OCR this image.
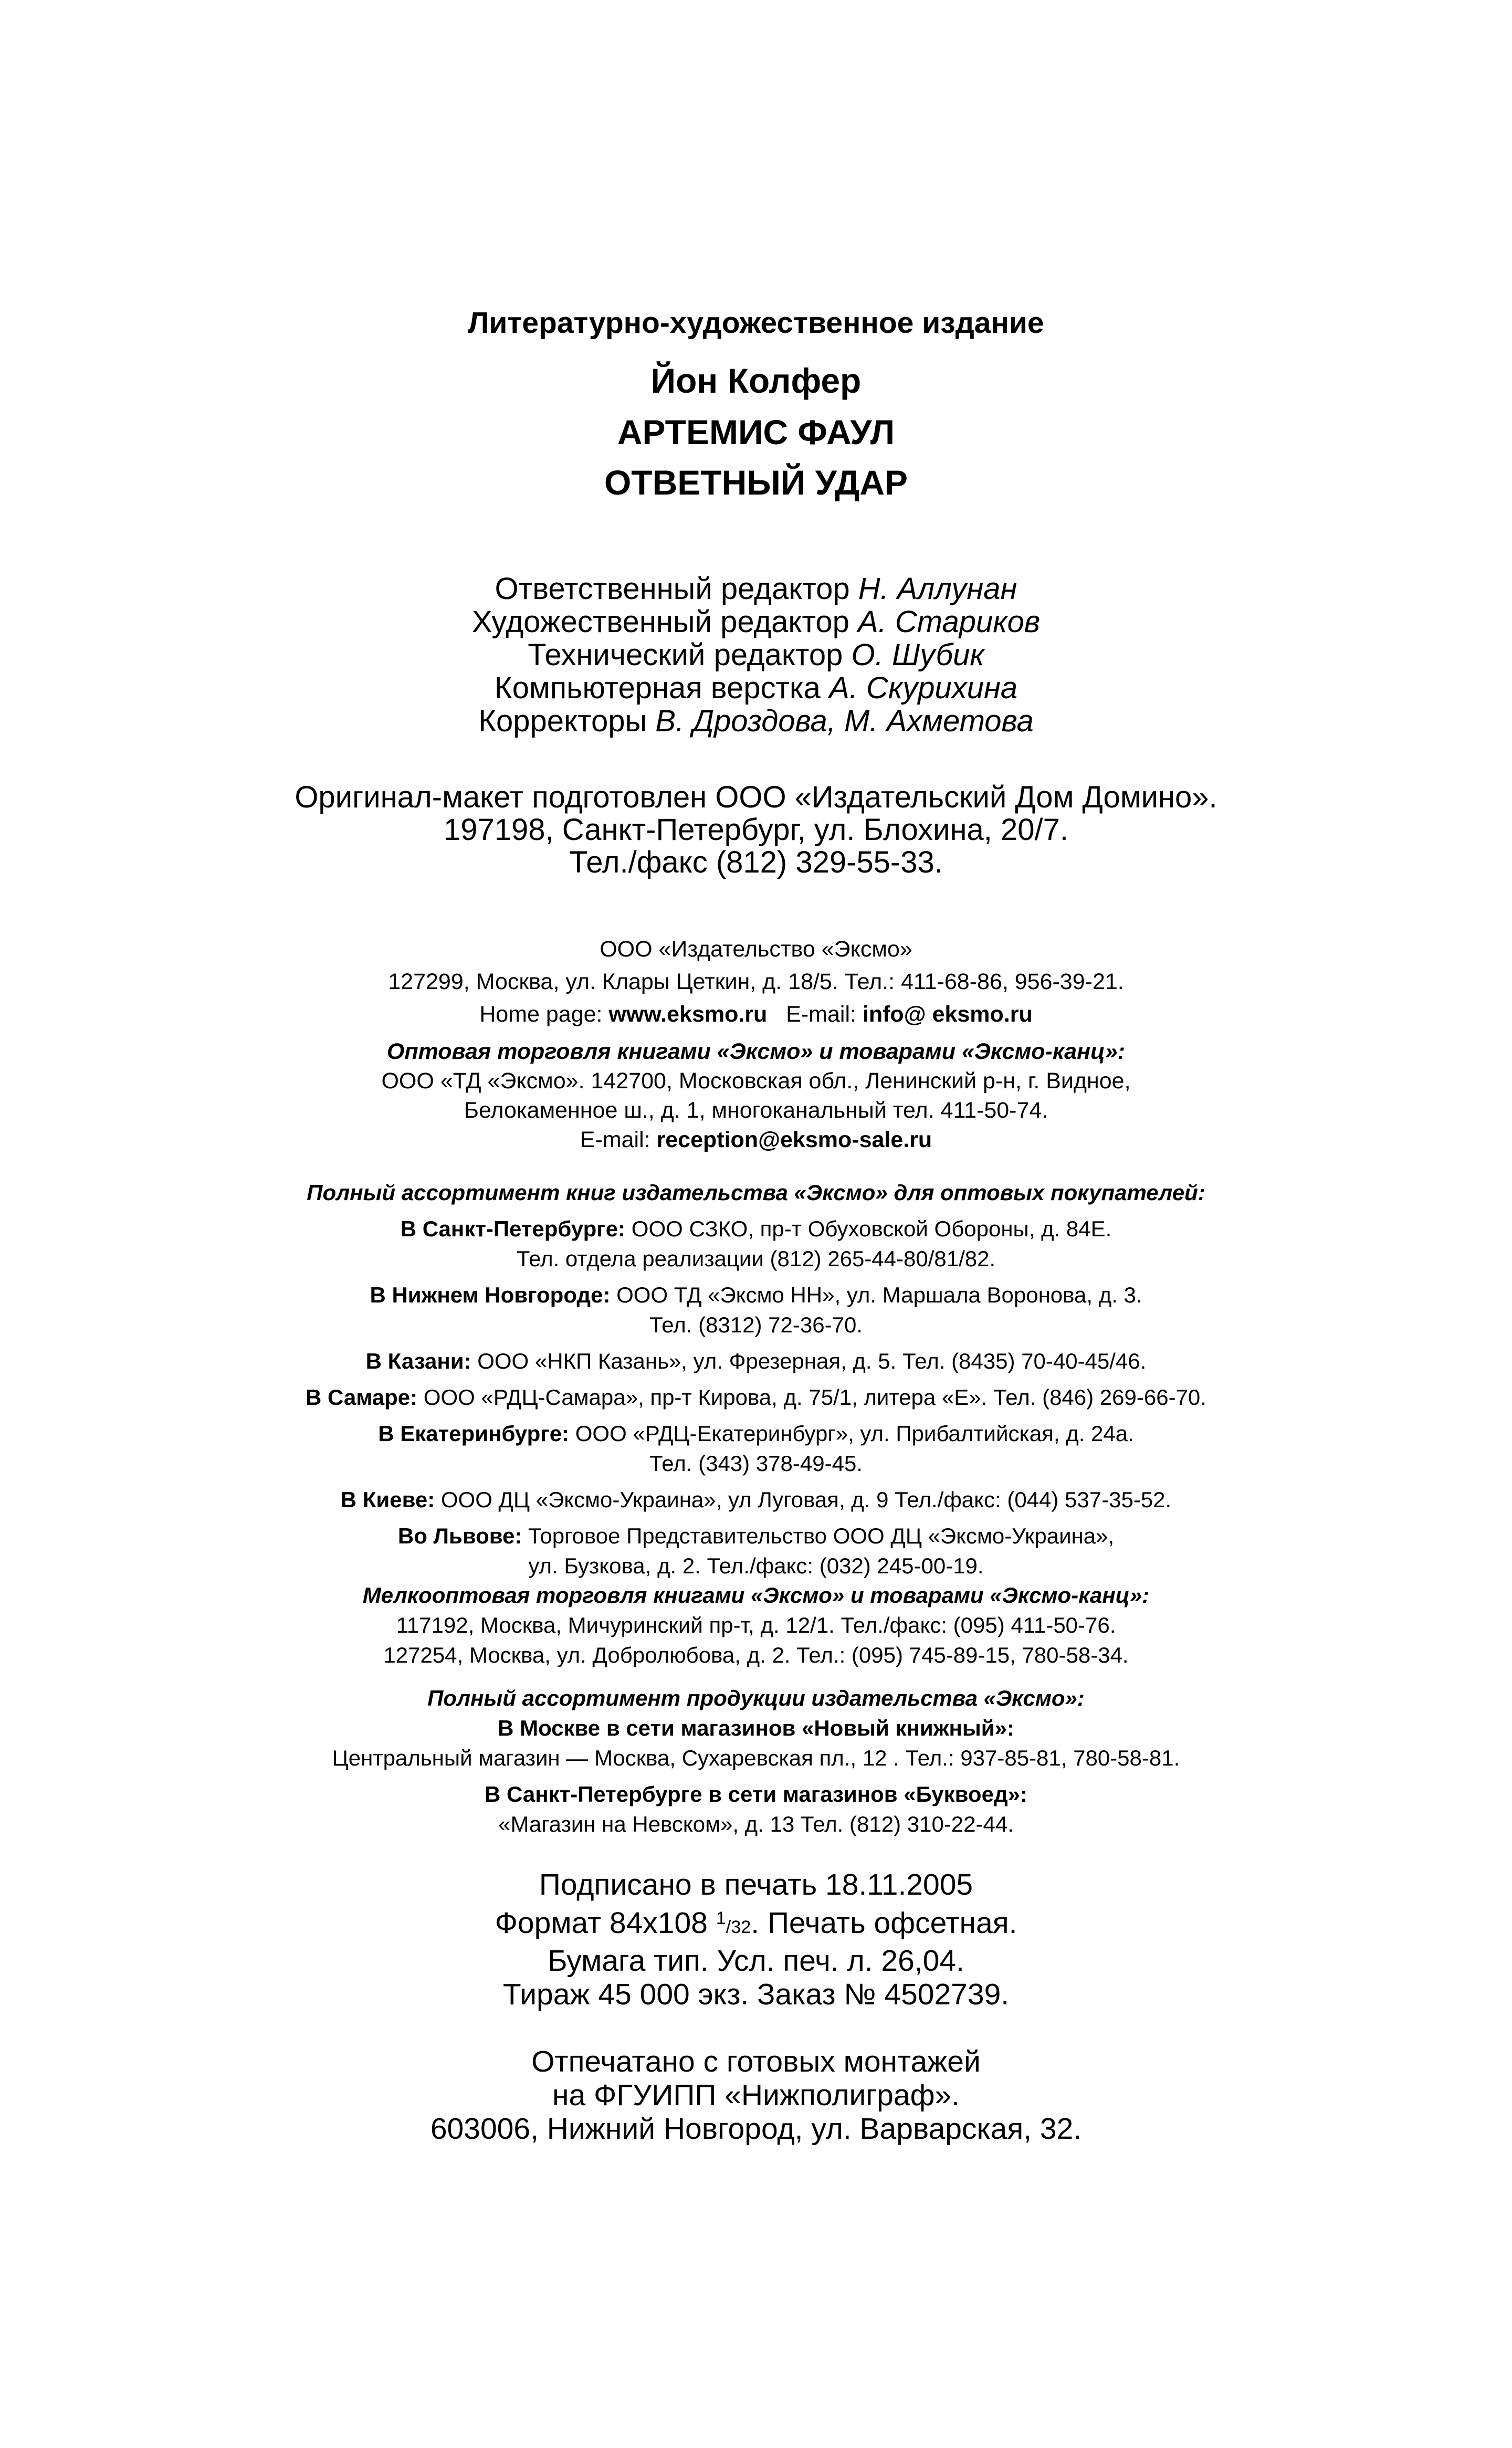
Литературно-художественное издание
Йон Колфер
АРТЕМИС ФАУЛ
ОТВЕТНЫЙ УДАР
Ответственный редактор Н. Аллунан
Художественный редактор А. Стариков
Технический редактор О. Шубик
Компьютерная верстка А. Скурихина
Корректоры В. Дроздова, М. Ахметова
Оригинал-макет подготовлен ООО «Издательский Дом Домино».
197198, Санкт-Петербург, ул. Блохина, 20/7.
Тел./факс (812) 329-55-33.
ООО «Издательство «Эксмо»
127299, Москва, ул. Клары Цеткин, д. 18/5. Тел.: 411-68-86, 956-39-21.
Home page: www.eksmo.ru E-mail: info@ eksmo.ru
Оптовая торговля книгами «Эксмо» и товарами «Эксмо-канц»:
ООО «ТД «Эксмо». 142700, Московская обл., Ленинский р-н, г. Видное,
Белокаменное ш., д. 1, многоканальный тел. 411-50-74.
E-mail: reception@eksmo-sale.ru
Полный ассортимент книг издательства «Эксмо» для оптовых покупателей:
В Санкт-Петербурге: ООО СЗКО, пр-т Обуховской Обороны, д. 84Е.
Тел. отдела реализации (812) 265-44-80/81/82.
В Нижнем Новгороде: ООО ТД «Эксмо НН», ул. Маршала Воронова, д. 3.
Тел. (8312) 72-36-70.
В Казани: ООО «НКП Казань», ул. Фрезерная, д. 5. Тел. (8435) 70-40-45/46.
В Самаре: ООО «РДЦ-Самара», пр-т Кирова, д. 75/1, литера «Е». Тел. (846) 269-66-70.
В Екатеринбурге: ООО «РДЦ-Екатеринбург», ул. Прибалтийская, д. 24а.
Тел. (343) 378-49-45.
В Киеве: ООО ДЦ «Эксмо-Украина», ул Луговая, д. 9 Тел./факс: (044) 537-35-52.
Во Львове: Торговое Представительство ООО ДЦ «Эксмо-Украина»,
ул. Бузкова, д. 2. Тел./факс: (032) 245-00-19.
Мелкооптовая торговля книгами «Эксмо» и товарами «Эксмо-канц»:
117192, Москва, Мичуринский пр-т, д. 12/1. Тел./факс: (095) 411-50-76.
127254, Москва, ул. Добролюбова, д. 2. Тел.: (095) 745-89-15, 780-58-34.
Полный ассортимент продукции издательства «Эксмо»:
В Москве в сети магазинов «Новый книжный»:
Центральный магазин — Москва, Сухаревская пл., 12 . Тел.: 937-85-81, 780-58-81.
В Санкт-Петербурге в сети магазинов «Буквоед»:
«Магазин на Невском», д. 13 Тел. (812) 310-22-44.
Подписано в печать 18.11.2005
Формат 84х108 $^1$/32. Печать офсетная.
Бумага тип. Усл. печ. л. 26,04.
Тираж 45 000 экз. Заказ № 4502739.
Отпечатано с готовых монтажей
на ФГУИПП «Нижполиграф».
603006, Нижний Новгород, ул. Варварская, 32.
